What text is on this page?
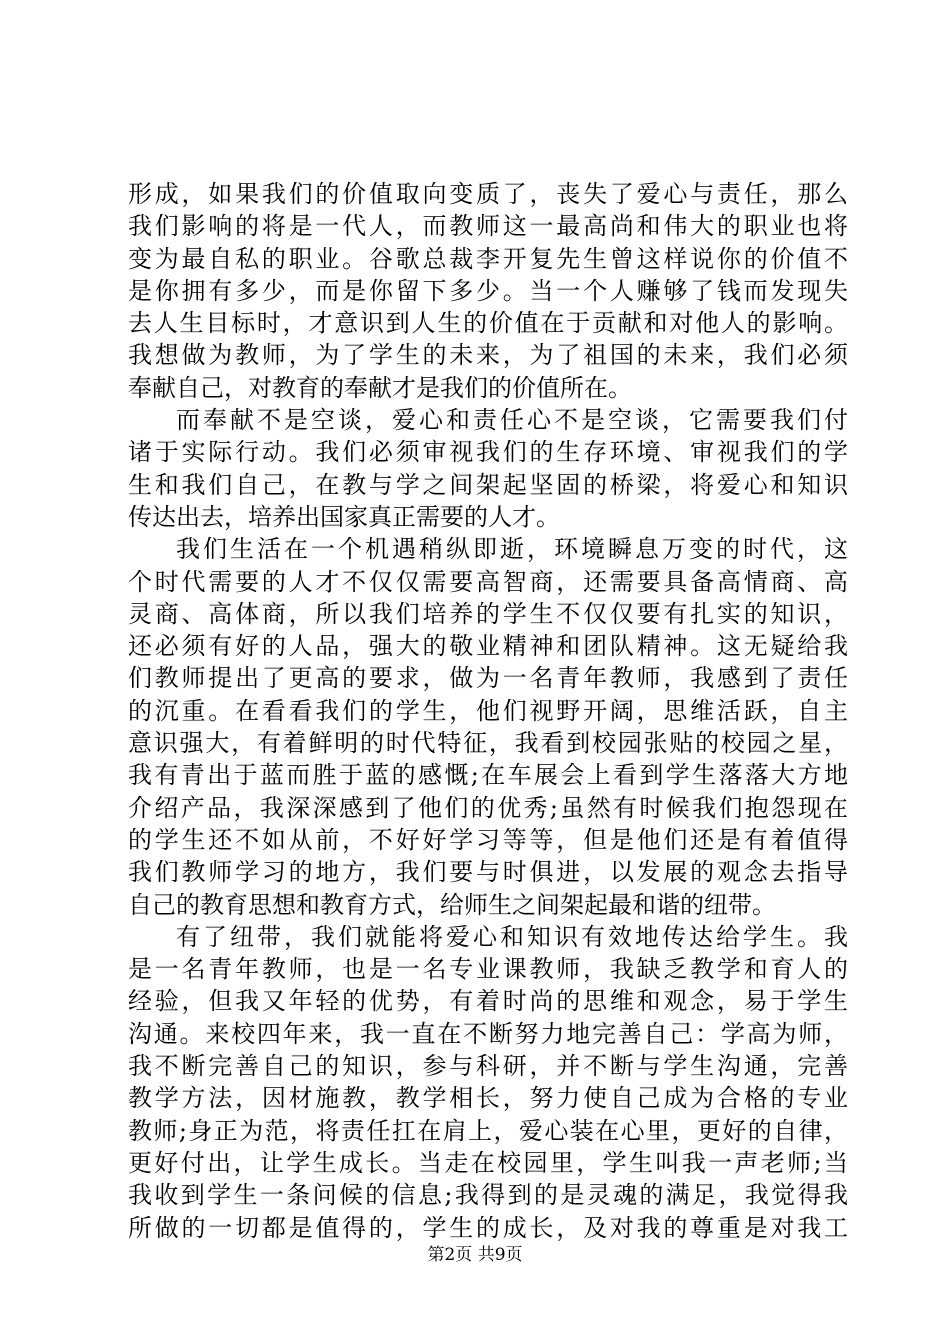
形成，如果我们的价值取向变质了，丧失了爱心与责任，那么
我们影响的将是一代人，而教师这一最高尚和伟大的职业也将
变为最自私的职业。谷歌总裁李开复先生曾这样说你的价值不
是你拥有多少，而是你留下多少。当一个人赚够了钱而发现失
去人生目标时，才意识到人生的价值在于贡献和对他人的影响。
我想做为教师，为了学生的未来，为了祖国的未来，我们必须
奉献自己，对教育的奉献才是我们的价值所在。
而奉献不是空谈，爱心和责任心不是空谈，它需要我们付
诸于实际行动。我们必须审视我们的生存环境、审视我们的学
生和我们自己，在教与学之间架起坚固的桥梁，将爱心和知识
传达出去，培养出国家真正需要的人才。
我们生活在一个机遇稍纵即逝，环境瞬息万变的时代，这
个时代需要的人才不仅仅需要高智商，还需要具备高情商、高
灵商、高体商，所以我们培养的学生不仅仅要有扎实的知识，
还必须有好的人品，强大的敬业精神和团队精神。这无疑给我
们教师提出了更高的要求，做为一名青年教师，我感到了责任
的沉重。在看看我们的学生，他们视野开阔，思维活跃，自主
意识强大，有着鲜明的时代特征，我看到校园张贴的校园之星，
我有青出于蓝而胜于蓝的感慨;在车展会上看到学生落落大方地
介绍产品，我深深感到了他们的优秀;虽然有时候我们抱怨现在
的学生还不如从前，不好好学习等等，但是他们还是有着值得
我们教师学习的地方，我们要与时俱进，以发展的观念去指导
自己的教育思想和教育方式，给师生之间架起最和谐的纽带。
有了纽带，我们就能将爱心和知识有效地传达给学生。我
是一名青年教师，也是一名专业课教师，我缺乏教学和育人的
经验，但我又年轻的优势，有着时尚的思维和观念，易于学生
沟通。来校四年来，我一直在不断努力地完善自己：学高为师，
我不断完善自己的知识，参与科研，并不断与学生沟通，完善
教学方法，因材施教，教学相长，努力使自己成为合格的专业
教师;身正为范，将责任扛在肩上，爱心装在心里，更好的自律，
更好付出，让学生成长。当走在校园里，学生叫我一声老师;当
我收到学生一条问候的信息;我得到的是灵魂的满足，我觉得我
所做的一切都是值得的，学生的成长，及对我的尊重是对我工
第2页 共9页
